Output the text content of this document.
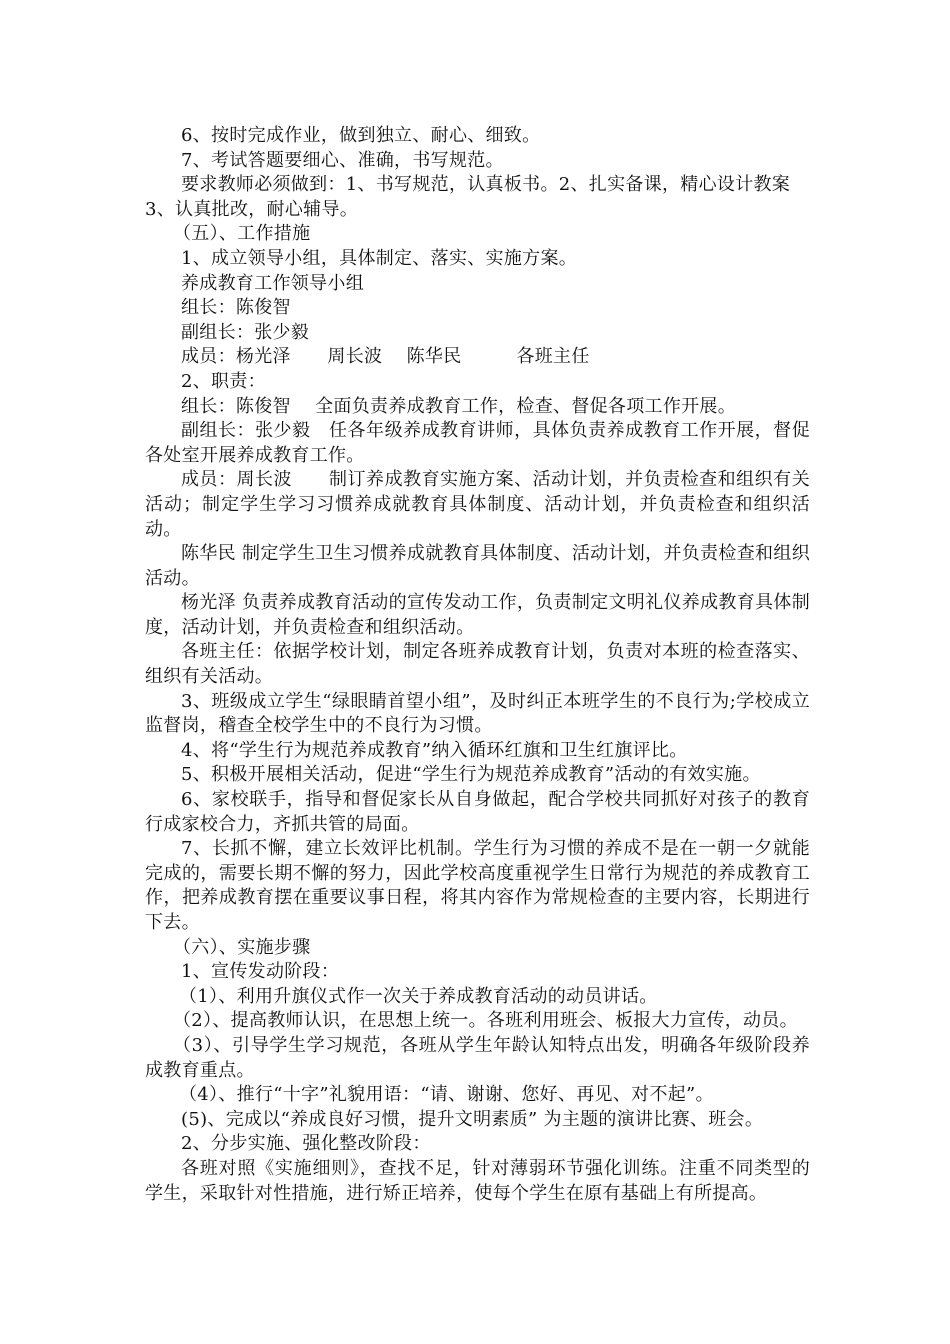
6、按时完成作业，做到独立、耐心、细致。

7、考试答题要细心、准确，书写规范。

要求教师必须做到：1、书写规范，认真板书。2、扎实备课，精心设计教案

3、认真批改，耐心辅导。

（五）、工作措施

1、成立领导小组，具体制定、落实、实施方案。

养成教育工作领导小组

组长：陈俊智

副组长：张少毅

成员：杨光泽　　周长波　 陈华民　　　各班主任

2、职责：

组长：陈俊智　 全面负责养成教育工作，检查、督促各项工作开展。

副组长：张少毅　任各年级养成教育讲师，具体负责养成教育工作开展，督促各处室开展养成教育工作。

成员：周长波　　制订养成教育实施方案、活动计划，并负责检查和组织有关活动；制定学生学习习惯养成就教育具体制度、活动计划，并负责检查和组织活动。

陈华民 制定学生卫生习惯养成就教育具体制度、活动计划，并负责检查和组织活动。

杨光泽 负责养成教育活动的宣传发动工作，负责制定文明礼仪养成教育具体制度，活动计划，并负责检查和组织活动。

各班主任：依据学校计划，制定各班养成教育计划，负责对本班的检查落实、组织有关活动。

3、班级成立学生“绿眼睛首望小组”，及时纠正本班学生的不良行为;学校成立监督岗，稽查全校学生中的不良行为习惯。

4、将“学生行为规范养成教育”纳入循环红旗和卫生红旗评比。

5、积极开展相关活动，促进“学生行为规范养成教育”活动的有效实施。

6、家校联手，指导和督促家长从自身做起，配合学校共同抓好对孩子的教育行成家校合力，齐抓共管的局面。

7、长抓不懈，建立长效评比机制。学生行为习惯的养成不是在一朝一夕就能完成的，需要长期不懈的努力，因此学校高度重视学生日常行为规范的养成教育工作，把养成教育摆在重要议事日程，将其内容作为常规检查的主要内容，长期进行下去。

（六）、实施步骤

1、宣传发动阶段：

（1）、利用升旗仪式作一次关于养成教育活动的动员讲话。

（2）、提高教师认识，在思想上统一。各班利用班会、板报大力宣传，动员。

（3）、引导学生学习规范，各班从学生年龄认知特点出发，明确各年级阶段养成教育重点。

（4）、推行“十字”礼貌用语：“请、谢谢、您好、再见、对不起”。

(5)、完成以“养成良好习惯，提升文明素质” 为主题的演讲比赛、班会。

2、分步实施、强化整改阶段：

各班对照《实施细则》，查找不足，针对薄弱环节强化训练。注重不同类型的学生，采取针对性措施，进行矫正培养，使每个学生在原有基础上有所提高。
